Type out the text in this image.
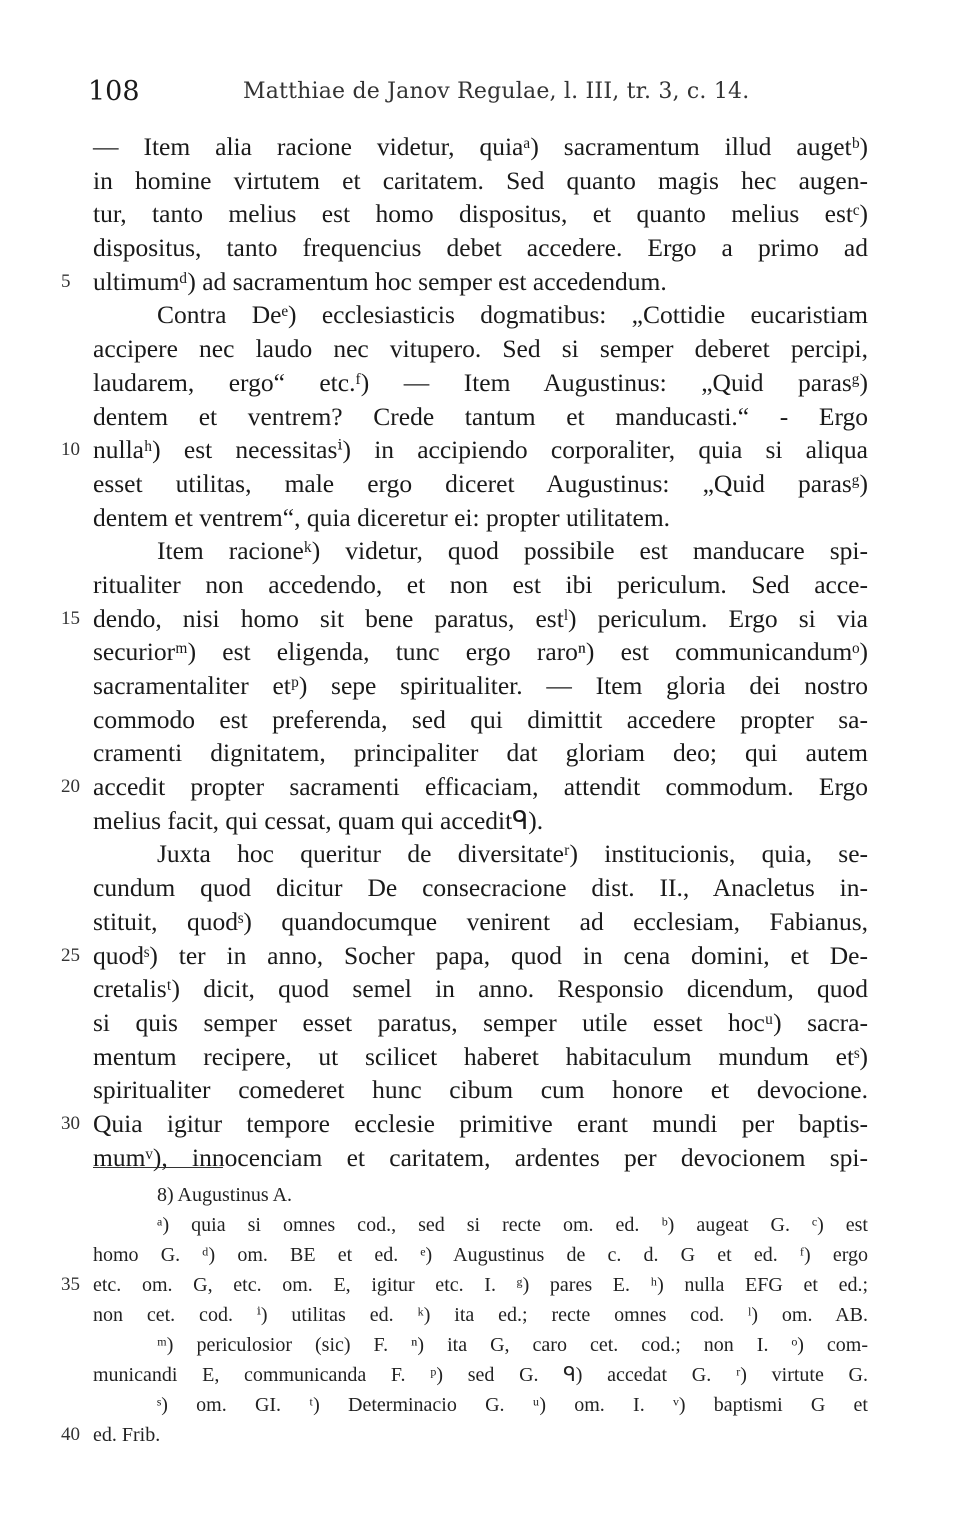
108	Matthiae de Janov Regulae, l. III, tr. 3, c. 14.
— Item alia racione videtur, quiaᵃ) sacramentum illud augetᵇ)
in homine virtutem et caritatem. Sed quanto magis hec augen-
tur, tanto melius est homo dispositus, et quanto melius estᶜ)
dispositus, tanto frequencius debet accedere. Ergo a primo ad
5 ultimumᵈ) ad sacramentum hoc semper est accedendum.
Contra Deᵉ) ecclesiasticis dogmatibus: „Cottidie eucaristiam
accipere nec laudo nec vitupero. Sed si semper deberet percipi,
laudarem, ergo“ etc.ᶠ) — Item Augustinus: „Quid parasᵍ)
dentem et ventrem? Crede tantum et manducasti.“ - Ergo
10 nullaʰ) est necessitasⁱ) in accipiendo corporaliter, quia si aliqua
esset utilitas, male ergo diceret Augustinus: „Quid parasᵍ)
dentem et ventrem“, quia diceretur ei: propter utilitatem.
Item racioneᵏ) videtur, quod possibile est manducare spi-
ritualiter non accedendo, et non est ibi periculum. Sed acce-
15 dendo, nisi homo sit bene paratus, estˡ) periculum. Ergo si via
securiorᵐ) est eligenda, tunc ergo raroⁿ) est communicandumᵒ)
sacramentaliter etᵖ) sepe spiritualiter. — Item gloria dei nostro
commodo est preferenda, sed qui dimittit accedere propter sa-
cramenti dignitatem, principaliter dat gloriam deo; qui autem
20 accedit propter sacramenti efficaciam, attendit commodum. Ergo
melius facit, qui cessat, quam qui acceditᑫ).
Juxta hoc queritur de diversitateʳ) institucionis, quia, se-
cundum quod dicitur De consecracione dist. II., Anacletus in-
stituit, quodˢ) quandocumque venirent ad ecclesiam, Fabianus,
25 quodˢ) ter in anno, Socher papa, quod in cena domini, et De-
cretalisᵗ) dicit, quod semel in anno. Responsio dicendum, quod
si quis semper esset paratus, semper utile esset hocᵘ) sacra-
mentum recipere, ut scilicet haberet habitaculum mundum etˢ)
spiritualiter comederet hunc cibum cum honore et devocione.
30 Quia igitur tempore ecclesie primitive erant mundi per baptis-
mumᵛ), innocenciam et caritatem, ardentes per devocionem spi-
8) Augustinus A.
ᵃ) quia si omnes cod., sed si recte om. ed. ᵇ) augeat G. ᶜ) est
homo G. ᵈ) om. BE et ed. ᵉ) Augustinus de c. d. G et ed. ᶠ) ergo
35 etc. om. G, etc. om. E, igitur etc. I. ᵍ) pares E. ʰ) nulla EFG et ed.;
non cet. cod. ⁱ) utilitas ed. ᵏ) ita ed.; recte omnes cod. ˡ) om. AB.
ᵐ) periculosior (sic) F. ⁿ) ita G, caro cet. cod.; non I. ᵒ) com-
municandi E, communicanda F. ᵖ) sed G. ᑫ) accedat G. ʳ) virtute G.
ˢ) om. GI. ᵗ) Determinacio G. ᵘ) om. I. ᵛ) baptismi G et
40 ed. Frib.
